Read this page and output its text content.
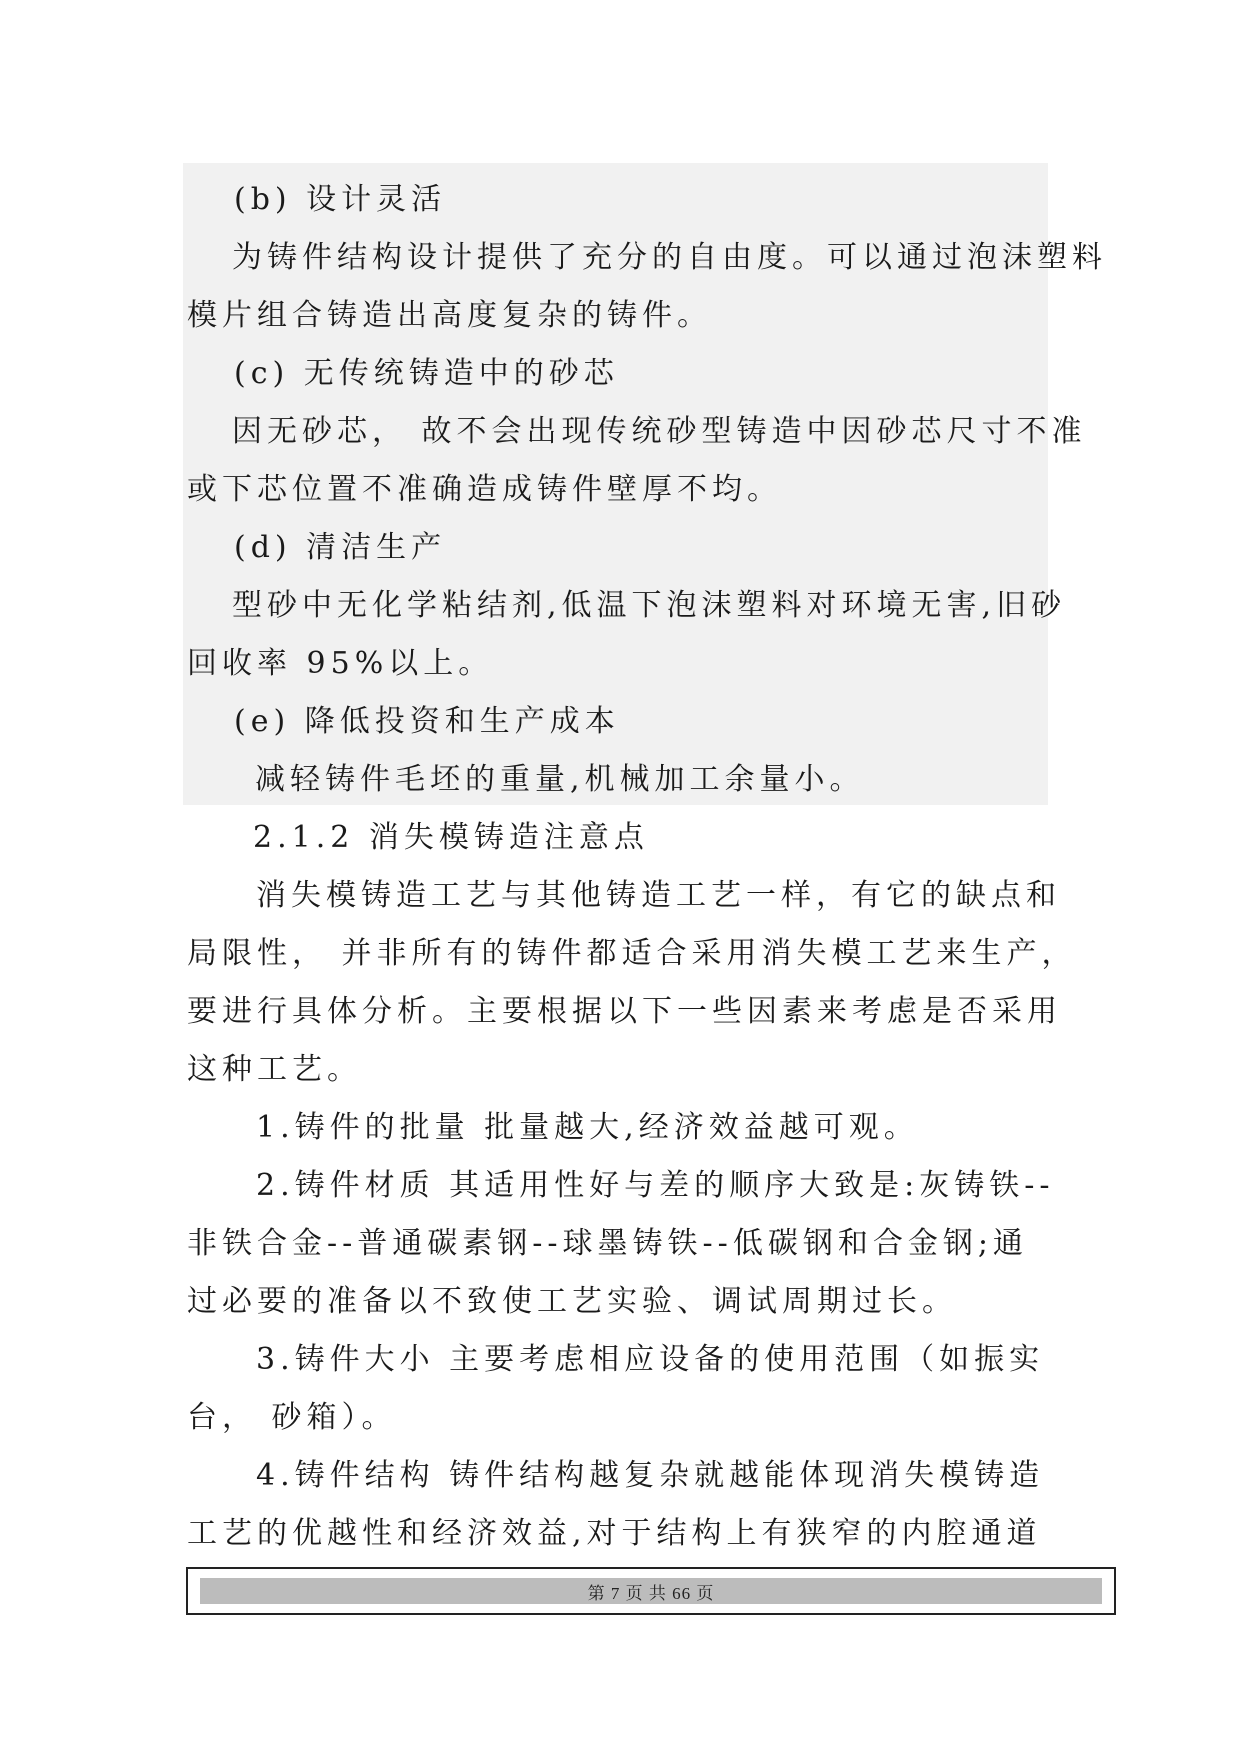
(b) 设计灵活
为铸件结构设计提供了充分的自由度。可以通过泡沫塑料
模片组合铸造出高度复杂的铸件。
(c) 无传统铸造中的砂芯
因无砂芯， 故不会出现传统砂型铸造中因砂芯尺寸不准
或下芯位置不准确造成铸件壁厚不均。
(d) 清洁生产
型砂中无化学粘结剂,低温下泡沫塑料对环境无害,旧砂
回收率 95%以上。
(e) 降低投资和生产成本
减轻铸件毛坯的重量,机械加工余量小。
2.1.2 消失模铸造注意点
消失模铸造工艺与其他铸造工艺一样，有它的缺点和
局限性， 并非所有的铸件都适合采用消失模工艺来生产，
要进行具体分析。主要根据以下一些因素来考虑是否采用
这种工艺。
1.铸件的批量 批量越大,经济效益越可观。
2.铸件材质 其适用性好与差的顺序大致是:灰铸铁--
非铁合金--普通碳素钢--球墨铸铁--低碳钢和合金钢;通
过必要的准备以不致使工艺实验、调试周期过长。
3.铸件大小 主要考虑相应设备的使用范围（如振实
台， 砂箱）。
4.铸件结构 铸件结构越复杂就越能体现消失模铸造
工艺的优越性和经济效益,对于结构上有狭窄的内腔通道
第 7 页 共 66 页
